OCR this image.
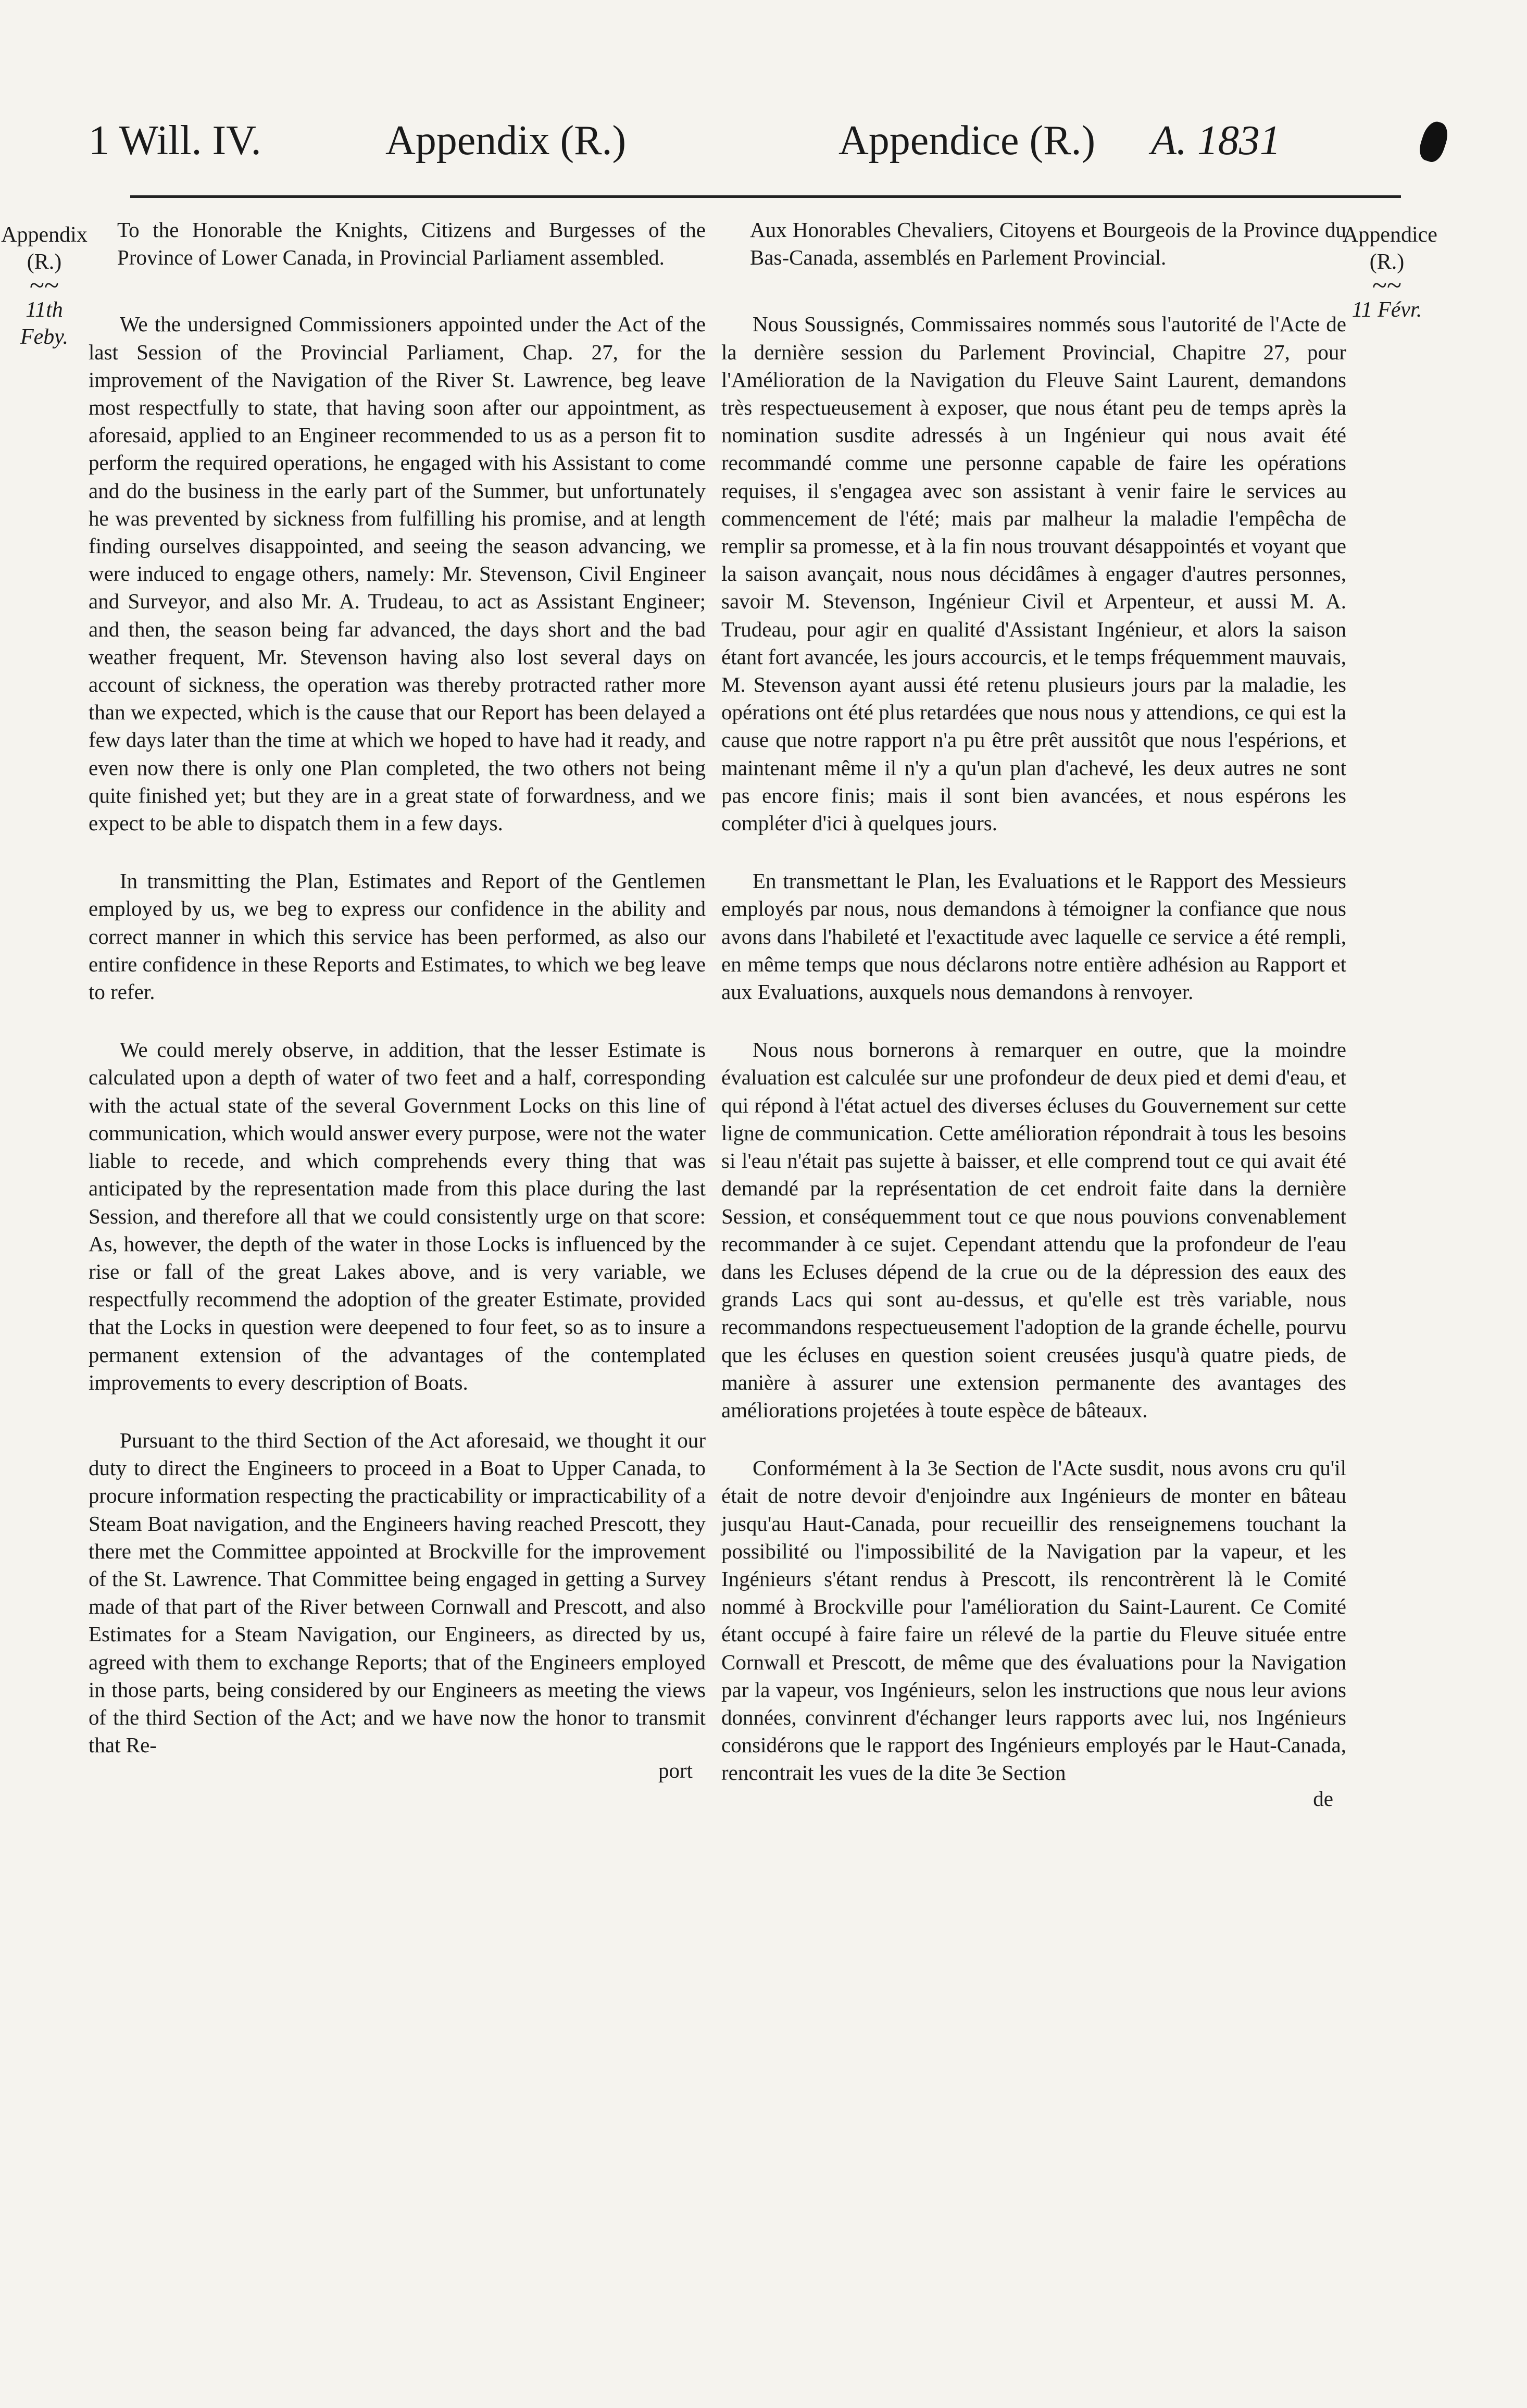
1 Will. IV.	Appendix (R.)	Appendice (R.) A. 1831
Appendix
(R.)
~~
11th Feby.
Appendice
(R.)
~~
11 Févr.

To the Honorable the Knights, Citizens and Burgesses of the Province of Lower Canada, in Provincial Parliament assembled.

We the undersigned Commissioners appointed under the Act of the last Session of the Provincial Parliament, Chap. 27, for the improvement of the Navigation of the River St. Lawrence, beg leave most respectfully to state, that having soon after our appointment, as aforesaid, applied to an Engineer recommended to us as a person fit to perform the required operations, he engaged with his Assistant to come and do the business in the early part of the Summer, but unfortunately he was prevented by sickness from fulfilling his promise, and at length finding ourselves disappointed, and seeing the season advancing, we were induced to engage others, namely: Mr. Stevenson, Civil Engineer and Surveyor, and also Mr. A. Trudeau, to act as Assistant Engineer; and then, the season being far advanced, the days short and the bad weather frequent, Mr. Stevenson having also lost several days on account of sickness, the operation was thereby protracted rather more than we expected, which is the cause that our Report has been delayed a few days later than the time at which we hoped to have had it ready, and even now there is only one Plan completed, the two others not being quite finished yet; but they are in a great state of forwardness, and we expect to be able to dispatch them in a few days.

In transmitting the Plan, Estimates and Report of the Gentlemen employed by us, we beg to express our confidence in the ability and correct manner in which this service has been performed, as also our entire confidence in these Reports and Estimates, to which we beg leave to refer.

We could merely observe, in addition, that the lesser Estimate is calculated upon a depth of water of two feet and a half, corresponding with the actual state of the several Government Locks on this line of communication, which would answer every purpose, were not the water liable to recede, and which comprehends every thing that was anticipated by the representation made from this place during the last Session, and therefore all that we could consistently urge on that score: As, however, the depth of the water in those Locks is influenced by the rise or fall of the great Lakes above, and is very variable, we respectfully recommend the adoption of the greater Estimate, provided that the Locks in question were deepened to four feet, so as to insure a permanent extension of the advantages of the contemplated improvements to every description of Boats.

Pursuant to the third Section of the Act aforesaid, we thought it our duty to direct the Engineers to proceed in a Boat to Upper Canada, to procure information respecting the practicability or impracticability of a Steam Boat navigation, and the Engineers having reached Prescott, they there met the Committee appointed at Brockville for the improvement of the St. Lawrence. That Committee being engaged in getting a Survey made of that part of the River between Cornwall and Prescott, and also Estimates for a Steam Navigation, our Engineers, as directed by us, agreed with them to exchange Reports; that of the Engineers employed in those parts, being considered by our Engineers as meeting the views of the third Section of the Act; and we have now the honor to transmit that Re-

port

Aux Honorables Chevaliers, Citoyens et Bourgeois de la Province du Bas-Canada, assemblés en Parlement Provincial.

Nous Soussignés, Commissaires nommés sous l'autorité de l'Acte de la dernière session du Parlement Provincial, Chapitre 27, pour l'Amélioration de la Navigation du Fleuve Saint Laurent, demandons très respectueusement à exposer, que nous étant peu de temps après la nomination susdite adressés à un Ingénieur qui nous avait été recommandé comme une personne capable de faire les opérations requises, il s'engagea avec son assistant à venir faire le services au commencement de l'été; mais par malheur la maladie l'empêcha de remplir sa promesse, et à la fin nous trouvant désappointés et voyant que la saison avançait, nous nous décidâmes à engager d'autres personnes, savoir M. Stevenson, Ingénieur Civil et Arpenteur, et aussi M. A. Trudeau, pour agir en qualité d'Assistant Ingénieur, et alors la saison étant fort avancée, les jours accourcis, et le temps fréquemment mauvais, M. Stevenson ayant aussi été retenu plusieurs jours par la maladie, les opérations ont été plus retardées que nous nous y attendions, ce qui est la cause que notre rapport n'a pu être prêt aussitôt que nous l'espérions, et maintenant même il n'y a qu'un plan d'achevé, les deux autres ne sont pas encore finis; mais il sont bien avancées, et nous espérons les compléter d'ici à quelques jours.

En transmettant le Plan, les Evaluations et le Rapport des Messieurs employés par nous, nous demandons à témoigner la confiance que nous avons dans l'habileté et l'exactitude avec laquelle ce service a été rempli, en même temps que nous déclarons notre entière adhésion au Rapport et aux Evaluations, auxquels nous demandons à renvoyer.

Nous nous bornerons à remarquer en outre, que la moindre évaluation est calculée sur une profondeur de deux pied et demi d'eau, et qui répond à l'état actuel des diverses écluses du Gouvernement sur cette ligne de communication. Cette amélioration répondrait à tous les besoins si l'eau n'était pas sujette à baisser, et elle comprend tout ce qui avait été demandé par la représentation de cet endroit faite dans la dernière Session, et conséquemment tout ce que nous pouvions convenablement recommander à ce sujet. Cependant attendu que la profondeur de l'eau dans les Ecluses dépend de la crue ou de la dépression des eaux des grands Lacs qui sont au-dessus, et qu'elle est très variable, nous recommandons respectueusement l'adoption de la grande échelle, pourvu que les écluses en question soient creusées jusqu'à quatre pieds, de manière à assurer une extension permanente des avantages des améliorations projetées à toute espèce de bâteaux.

Conformément à la 3e Section de l'Acte susdit, nous avons cru qu'il était de notre devoir d'enjoindre aux Ingénieurs de monter en bâteau jusqu'au Haut-Canada, pour recueillir des renseignemens touchant la possibilité ou l'impossibilité de la Navigation par la vapeur, et les Ingénieurs s'étant rendus à Prescott, ils rencontrèrent là le Comité nommé à Brockville pour l'amélioration du Saint-Laurent. Ce Comité étant occupé à faire faire un rélevé de la partie du Fleuve située entre Cornwall et Prescott, de même que des évaluations pour la Navigation par la vapeur, vos Ingénieurs, selon les instructions que nous leur avions données, convinrent d'échanger leurs rapports avec lui, nos Ingénieurs considérons que le rapport des Ingénieurs employés par le Haut-Canada, rencontrait les vues de la dite 3e Section

de
